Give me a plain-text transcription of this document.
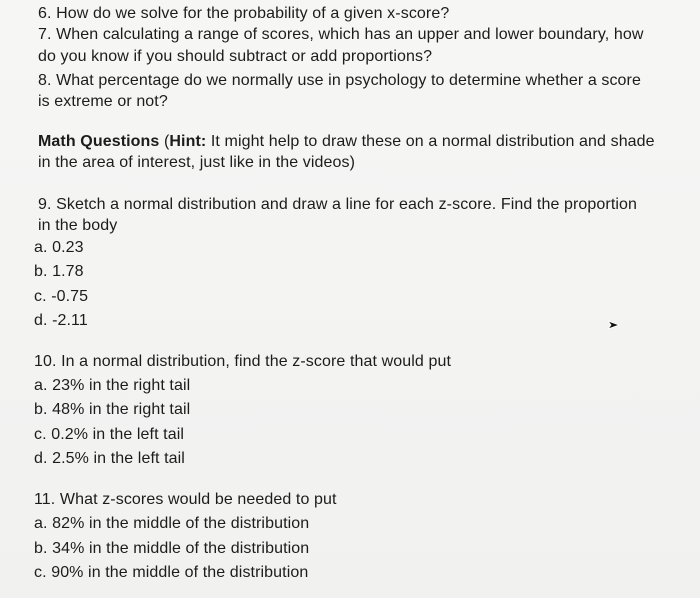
6. How do we solve for the probability of a given x-score?
7. When calculating a range of scores, which has an upper and lower boundary, how
do you know if you should subtract or add proportions?
8. What percentage do we normally use in psychology to determine whether a score
is extreme or not?
Math Questions (Hint: It might help to draw these on a normal distribution and shade
in the area of interest, just like in the videos)
9. Sketch a normal distribution and draw a line for each z-score. Find the proportion
in the body
a. 0.23
b. 1.78
c. -0.75
d. -2.11
10. In a normal distribution, find the z-score that would put
a. 23% in the right tail
b. 48% in the right tail
c. 0.2% in the left tail
d. 2.5% in the left tail
11. What z-scores would be needed to put
a. 82% in the middle of the distribution
b. 34% in the middle of the distribution
c. 90% in the middle of the distribution
